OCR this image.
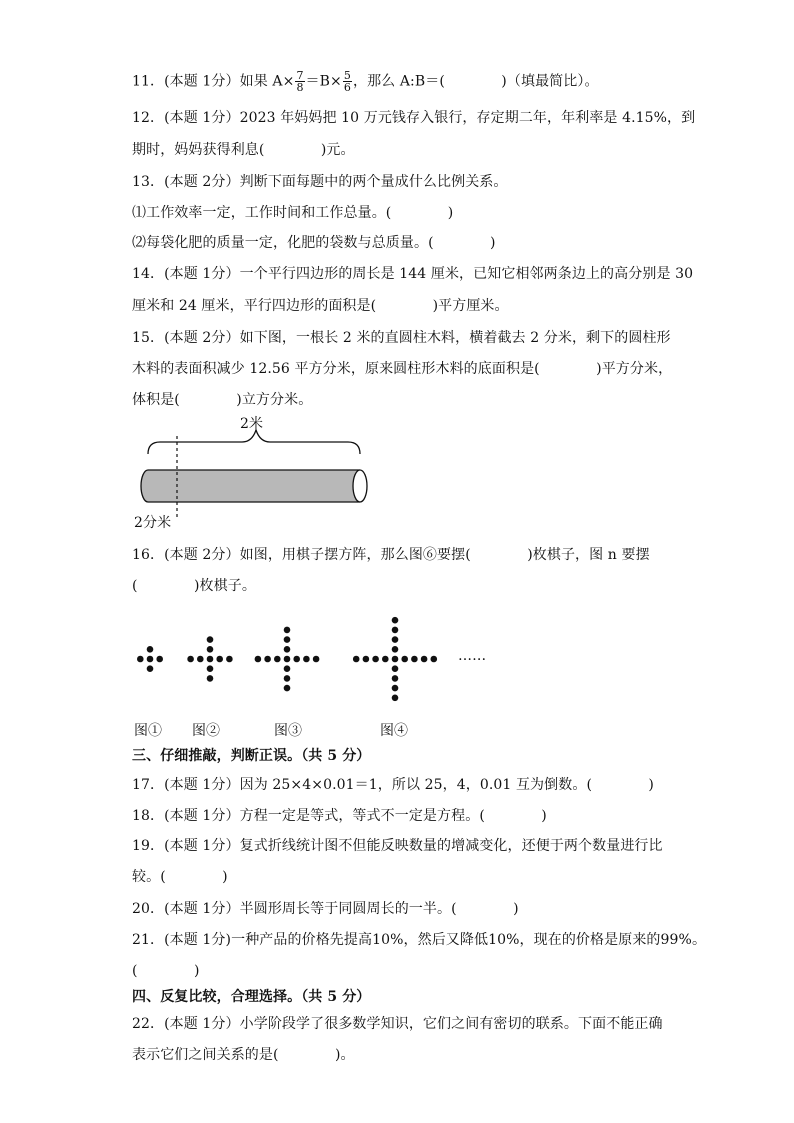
11．(本题 1分）如果 $A\times \frac{7}{8} =B\times \frac{5}{6}$ ，那么 A:B＝(　　　　)（填最简比）。
12．(本题 1分）2023 年妈妈把 10 万元钱存入银行，存定期二年，年利率是 4.15%，到
期时，妈妈获得利息(　　　　)元。
13．(本题 2分）判断下面每题中的两个量成什么比例关系。
⑴工作效率一定，工作时间和工作总量。(　　　　)
⑵每袋化肥的质量一定，化肥的袋数与总质量。(　　　　)
14．(本题 1分）一个平行四边形的周长是 144 厘米，已知它相邻两条边上的高分别是 30
厘米和 24 厘米，平行四边形的面积是(　　　　)平方厘米。
15．(本题 2分）如下图，一根长 2 米的直圆柱木料，横着截去 2 分米，剩下的圆柱形
木料的表面积减少 12.56 平方分米，原来圆柱形木料的底面积是(　　　　)平方分米，
体积是(　　　　)立方分米。
2米
2分米
16．(本题 2分）如图，用棋子摆方阵，那么图⑥要摆(　　　　)枚棋子，图 n 要摆
(　　　　)枚棋子。
……
图① 图②	图③	图④
三、仔细推敲，判断正误。（共 5 分）
17．(本题 1分）因为 25×4×0.01＝1，所以 25，4，0.01 互为倒数。(　　　　)
18．(本题 1分）方程一定是等式，等式不一定是方程。(　　　　)
19．(本题 1分）复式折线统计图不但能反映数量的增减变化，还便于两个数量进行比
较。(　　　　)
20．(本题 1分）半圆形周长等于同圆周长的一半。(　　　　)
21．(本题 1分)一种产品的价格先提高10%，然后又降低10%，现在的价格是原来的99%。
(　　　　)
四、反复比较，合理选择。（共 5 分）
22．(本题 1分）小学阶段学了很多数学知识，它们之间有密切的联系。下面不能正确
表示它们之间关系的是(　　　　)。
